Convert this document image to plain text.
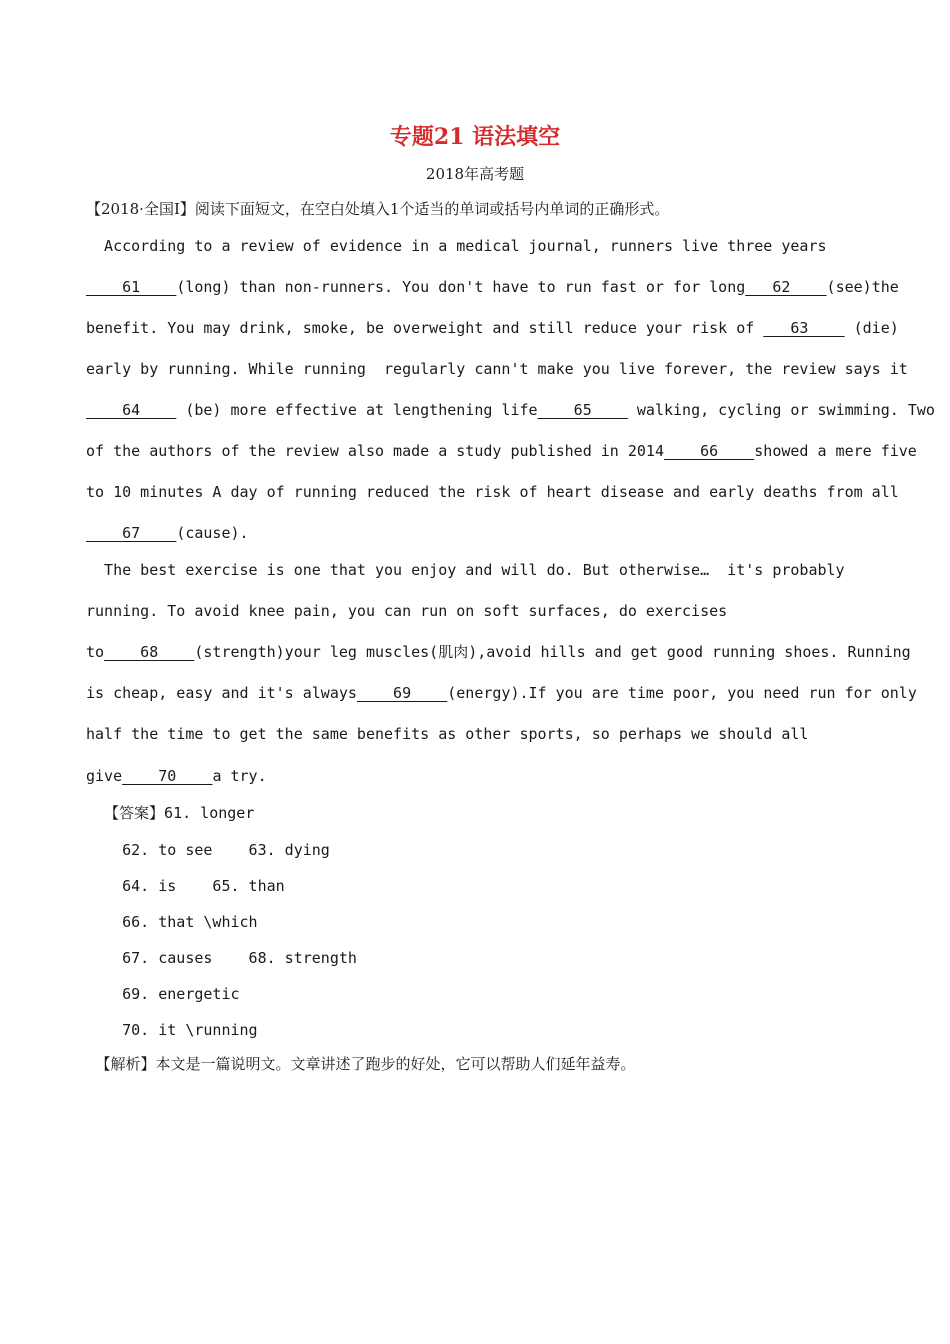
专题21 语法填空
2018年高考题
【2018·全国I】阅读下面短文，在空白处填入1个适当的单词或括号内单词的正确形式。
According to a review of evidence in a medical journal, runners live three years
61    (long) than non-runners. You don't have to run fast or for long   62    (see)the
benefit. You may drink, smoke, be overweight and still reduce your risk of    63     (die)
early by running. While running  regularly cann't make you live forever, the review says it
64     (be) more effective at lengthening life    65     walking, cycling or swimming. Two
of the authors of the review also made a study published in 2014    66    showed a mere five
to 10 minutes A day of running reduced the risk of heart disease and early deaths from all
67    (cause).
The best exercise is one that you enjoy and will do. But otherwise…  it's probably
running. To avoid knee pain, you can run on soft surfaces, do exercises
to    68    (strength)your leg muscles(肌肉),avoid hills and get good running shoes. Running
is cheap, easy and it's always    69    (energy).If you are time poor, you need run for only
half the time to get the same benefits as other sports, so perhaps we should all
give    70    a try.
【答案】61. longer
62. to see    63. dying
64. is    65. than
66. that \which
67. causes    68. strength
69. energetic
70. it \running
【解析】本文是一篇说明文。文章讲述了跑步的好处，它可以帮助人们延年益寿。
